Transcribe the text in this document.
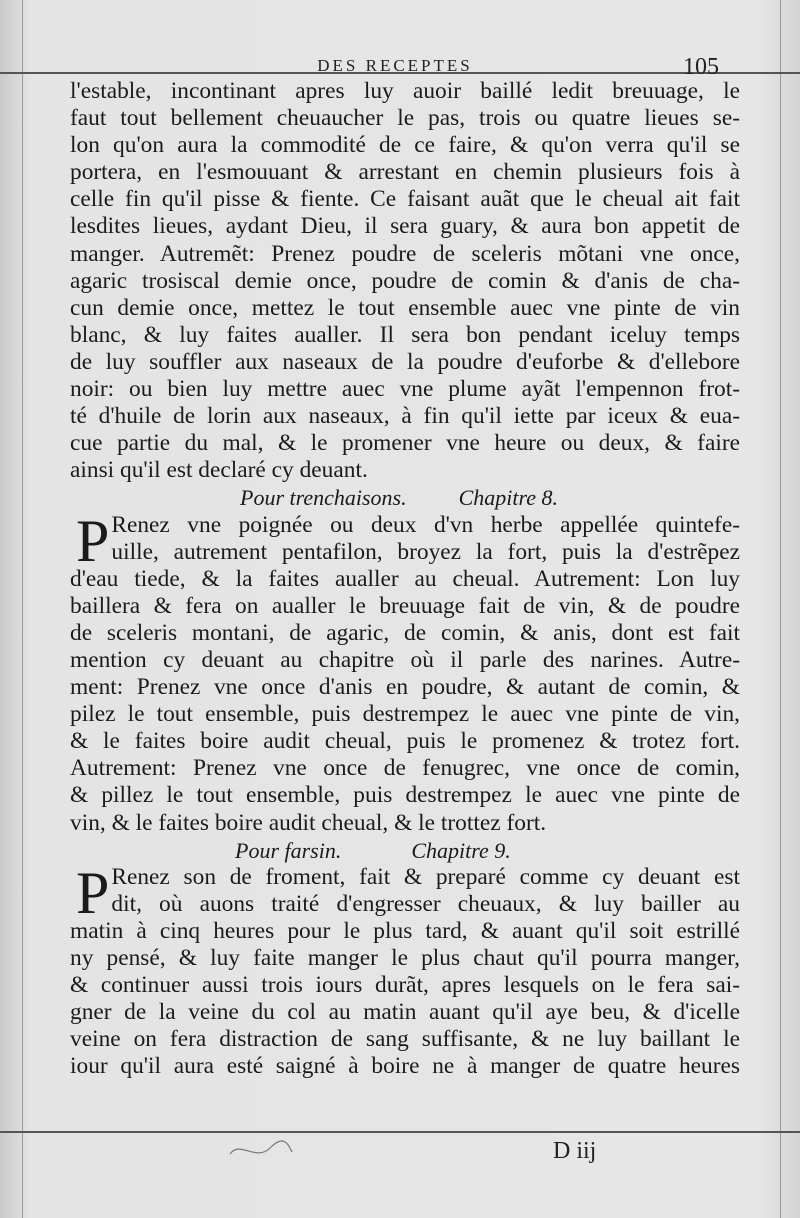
DES RECEPTES	105
l'estable, incontinant apres luy auoir baillé ledit breuuage, le
faut tout bellement cheuaucher le pas, trois ou quatre lieues se-
lon qu'on aura la commodité de ce faire, & qu'on verra qu'il se
portera, en l'esmouuant & arrestant en chemin plusieurs fois à
celle fin qu'il pisse & fiente. Ce faisant auãt que le cheual ait fait
lesdites lieues, aydant Dieu, il sera guary, & aura bon appetit de
manger. Autremẽt: Prenez poudre de sceleris mõtani vne once,
agaric trosiscal demie once, poudre de comin & d'anis de cha-
cun demie once, mettez le tout ensemble auec vne pinte de vin
blanc, & luy faites aualler. Il sera bon pendant iceluy temps
de luy souffler aux naseaux de la poudre d'euforbe & d'ellebore
noir: ou bien luy mettre auec vne plume ayãt l'empennon frot-
té d'huile de lorin aux naseaux, à fin qu'il iette par iceux & eua-
cue partie du mal, & le promener vne heure ou deux, & faire
ainsi qu'il est declaré cy deuant.
Pour trenchaisons. Chapitre 8.
P Renez vne poignée ou deux d'vn herbe appellée quintefe-
uille, autrement pentafilon, broyez la fort, puis la d'estrẽpez
d'eau tiede, & la faites aualler au cheual. Autrement: Lon luy
baillera & fera on aualler le breuuage fait de vin, & de poudre
de sceleris montani, de agaric, de comin, & anis, dont est fait
mention cy deuant au chapitre où il parle des narines. Autre-
ment: Prenez vne once d'anis en poudre, & autant de comin, &
pilez le tout ensemble, puis destrempez le auec vne pinte de vin,
& le faites boire audit cheual, puis le promenez & trotez fort.
Autrement: Prenez vne once de fenugrec, vne once de comin,
& pillez le tout ensemble, puis destrempez le auec vne pinte de
vin, & le faites boire audit cheual, & le trottez fort.
Pour farsin.	Chapitre 9.
P Renez son de froment, fait & preparé comme cy deuant est
dit, où auons traité d'engresser cheuaux, & luy bailler au
matin à cinq heures pour le plus tard, & auant qu'il soit estrillé
ny pensé, & luy faite manger le plus chaut qu'il pourra manger,
& continuer aussi trois iours durãt, apres lesquels on le fera sai-
gner de la veine du col au matin auant qu'il aye beu, & d'icelle
veine on fera distraction de sang suffisante, & ne luy baillant le
iour qu'il aura esté saigné à boire ne à manger de quatre heures
D iij
